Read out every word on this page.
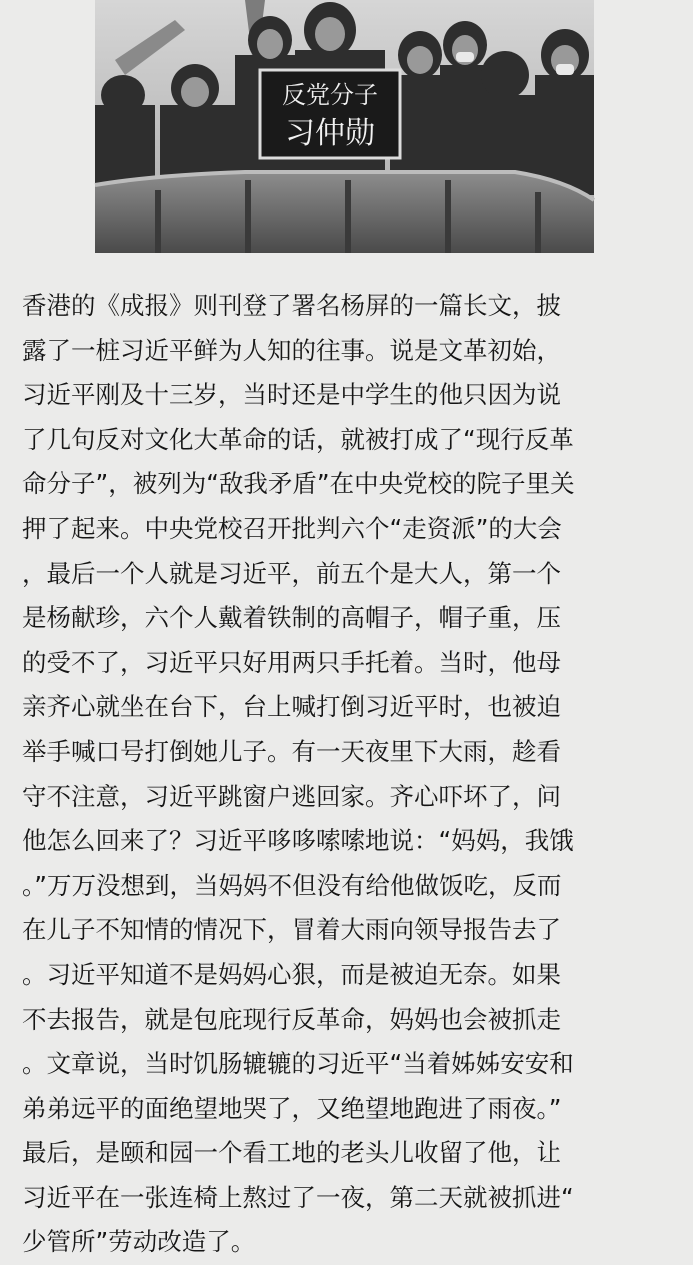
反党分子
习仲勋
香港的《成报》则刊登了署名杨屏的一篇长文，披
露了一桩习近平鲜为人知的往事。说是文革初始，
习近平刚及十三岁，当时还是中学生的他只因为说
了几句反对文化大革命的话，就被打成了“现行反革
命分子”，被列为“敌我矛盾”在中央党校的院子里关
押了起来。中央党校召开批判六个“走资派”的大会
，最后一个人就是习近平，前五个是大人，第一个
是杨献珍，六个人戴着铁制的高帽子，帽子重，压
的受不了，习近平只好用两只手托着。当时，他母
亲齐心就坐在台下，台上喊打倒习近平时，也被迫
举手喊口号打倒她儿子。有一天夜里下大雨，趁看
守不注意，习近平跳窗户逃回家。齐心吓坏了，问
他怎么回来了？习近平哆哆嗦嗦地说：“妈妈，我饿
。”万万没想到，当妈妈不但没有给他做饭吃，反而
在儿子不知情的情况下，冒着大雨向领导报告去了
。习近平知道不是妈妈心狠，而是被迫无奈。如果
不去报告，就是包庇现行反革命，妈妈也会被抓走
。文章说，当时饥肠辘辘的习近平“当着姊姊安安和
弟弟远平的面绝望地哭了，又绝望地跑进了雨夜。”
最后，是颐和园一个看工地的老头儿收留了他，让
习近平在一张连椅上熬过了一夜，第二天就被抓进“
少管所”劳动改造了。
